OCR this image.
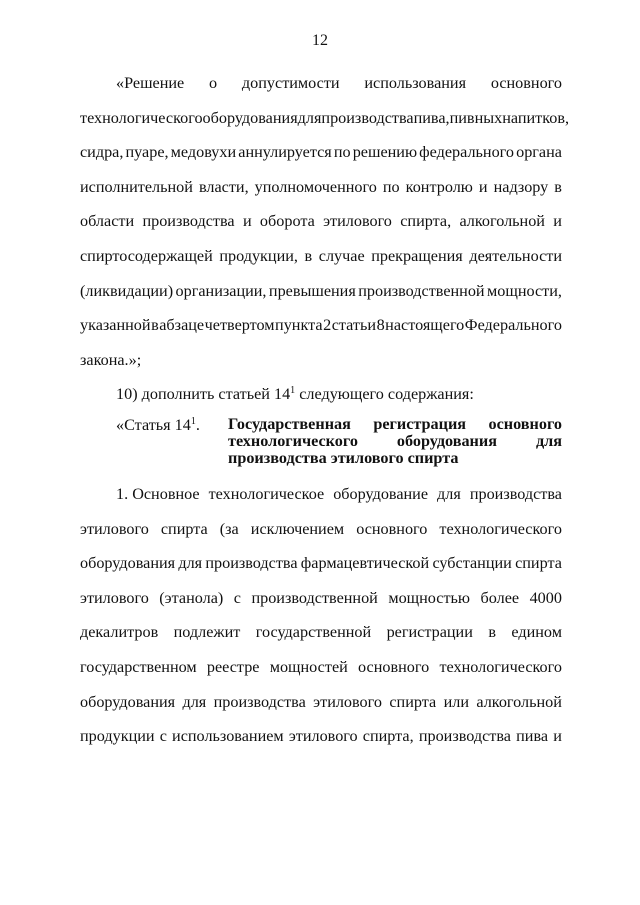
12
«Решение о допустимости использования основного
технологического оборудования для производства пива, пивных напитков,
сидра, пуаре, медовухи аннулируется по решению федерального органа
исполнительной власти, уполномоченного по контролю и надзору в
области производства и оборота этилового спирта, алкогольной и
спиртосодержащей продукции, в случае прекращения деятельности
(ликвидации) организации, превышения производственной мощности,
указанной в абзаце четвертом пункта 2 статьи 8 настоящего Федерального
закона.»;
10) дополнить статьей $14^1$ следующего содержания:
«Статья $14^1$.	Государственная регистрация основного
технологического оборудования для
производства этилового спирта
1. Основное технологическое оборудование для производства
этилового спирта (за исключением основного технологического
оборудования для производства фармацевтической субстанции спирта
этилового (этанола) с производственной мощностью более 4000
декалитров подлежит государственной регистрации в едином
государственном реестре мощностей основного технологического
оборудования для производства этилового спирта или алкогольной
продукции с использованием этилового спирта, производства пива и
